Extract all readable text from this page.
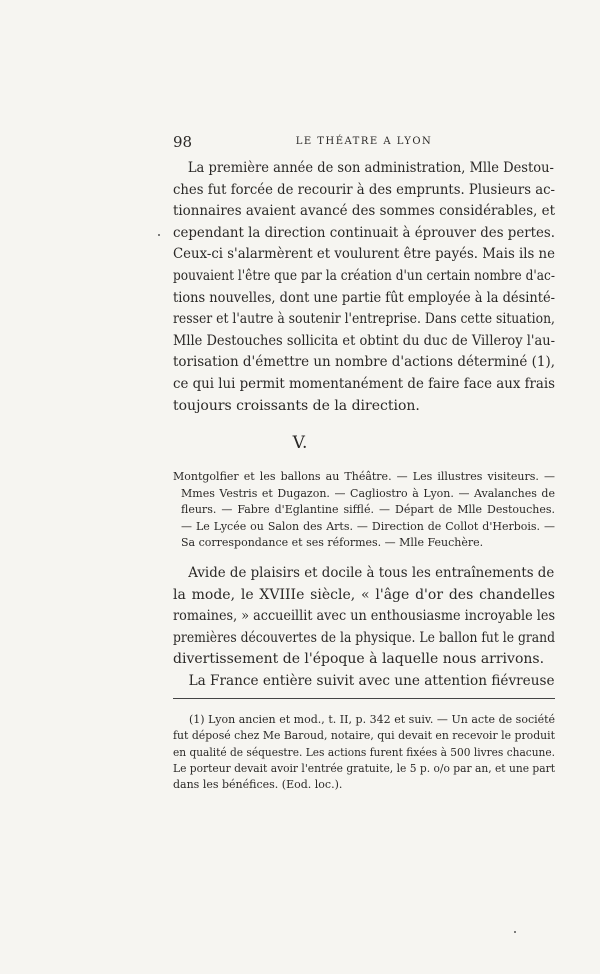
98	LE THÉATRE A LYON
La première année de son administration, Mlle Destou-
ches fut forcée de recourir à des emprunts. Plusieurs ac-
tionnaires avaient avancé des sommes considérables, et
cependant la direction continuait à éprouver des pertes.
Ceux-ci s'alarmèrent et voulurent être payés. Mais ils ne
pouvaient l'être que par la création d'un certain nombre d'ac-
tions nouvelles, dont une partie fût employée à la désinté-
resser et l'autre à soutenir l'entreprise. Dans cette situation,
Mlle Destouches sollicita et obtint du duc de Villeroy l'au-
torisation d'émettre un nombre d'actions déterminé (1),
ce qui lui permit momentanément de faire face aux frais
toujours croissants de la direction.
V.
Montgolfier et les ballons au Théâtre. — Les illustres visiteurs. —
Mmes Vestris et Dugazon. — Cagliostro à Lyon. — Avalanches de
fleurs. — Fabre d'Eglantine sifflé. — Départ de Mlle Destouches.
— Le Lycée ou Salon des Arts. — Direction de Collot d'Herbois. —
Sa correspondance et ses réformes. — Mlle Feuchère.
Avide de plaisirs et docile à tous les entraînements de
la mode, le XVIIIe siècle, « l'âge d'or des chandelles
romaines, » accueillit avec un enthousiasme incroyable les
premières découvertes de la physique. Le ballon fut le grand
divertissement de l'époque à laquelle nous arrivons.
La France entière suivit avec une attention fiévreuse
(1) Lyon ancien et mod., t. II, p. 342 et suiv. — Un acte de société
fut déposé chez Me Baroud, notaire, qui devait en recevoir le produit
en qualité de séquestre. Les actions furent fixées à 500 livres chacune.
Le porteur devait avoir l'entrée gratuite, le 5 p. o/o par an, et une part
dans les bénéfices. (Eod. loc.).
